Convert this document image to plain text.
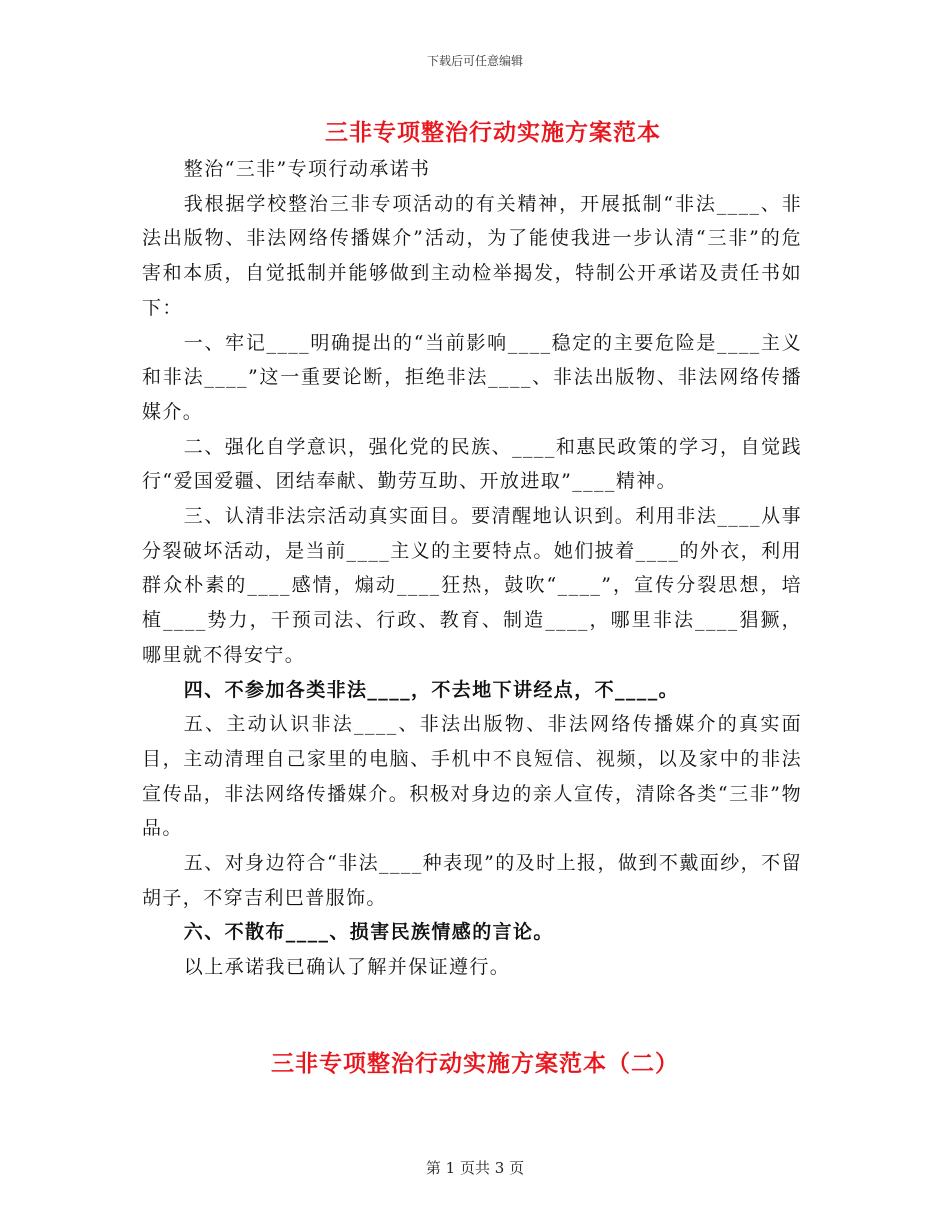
下载后可任意编辑
三非专项整治行动实施方案范本

整治“三非”专项行动承诺书

我根据学校整治三非专项活动的有关精神，开展抵制“非法____、非法出版物、非法网络传播媒介”活动，为了能使我进一步认清“三非”的危害和本质，自觉抵制并能够做到主动检举揭发，特制公开承诺及责任书如下：

一、牢记____明确提出的“当前影响____稳定的主要危险是____主义和非法____”这一重要论断，拒绝非法____、非法出版物、非法网络传播媒介。

二、强化自学意识，强化党的民族、____和惠民政策的学习，自觉践行“爱国爱疆、团结奉献、勤劳互助、开放进取”____精神。

三、认清非法宗活动真实面目。要清醒地认识到。利用非法____从事分裂破坏活动，是当前____主义的主要特点。她们披着____的外衣，利用群众朴素的____感情，煽动____狂热，鼓吹“____”，宣传分裂思想，培植____势力，干预司法、行政、教育、制造____，哪里非法____猖獗，哪里就不得安宁。

四、不参加各类非法____，不去地下讲经点，不____。

五、主动认识非法____、非法出版物、非法网络传播媒介的真实面目，主动清理自己家里的电脑、手机中不良短信、视频，以及家中的非法宣传品，非法网络传播媒介。积极对身边的亲人宣传，清除各类“三非”物品。

五、对身边符合“非法____种表现”的及时上报，做到不戴面纱，不留胡子，不穿吉利巴普服饰。

六、不散布____、损害民族情感的言论。

以上承诺我已确认了解并保证遵行。

三非专项整治行动实施方案范本（二）
第 1 页共 3 页
